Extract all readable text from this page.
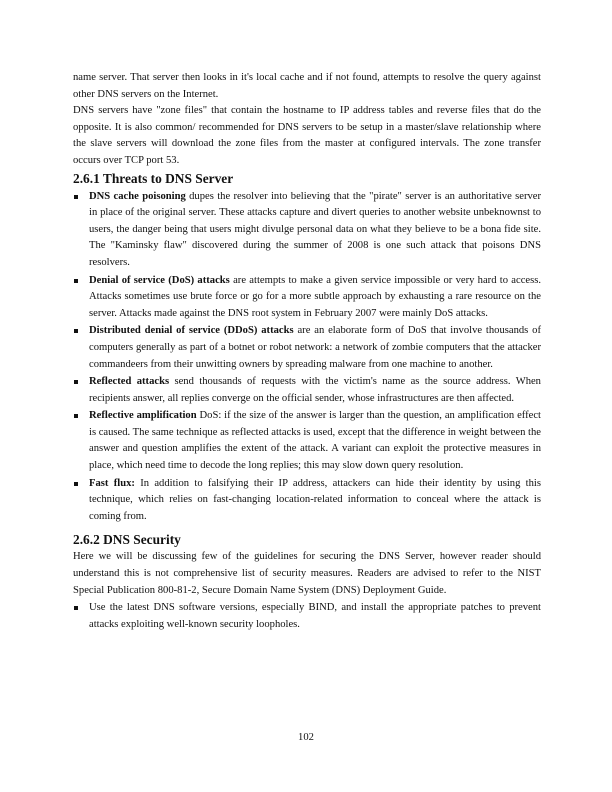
name server. That server then looks in it's local cache and if not found, attempts to resolve the query against other DNS servers on the Internet.

DNS servers have "zone files" that contain the hostname to IP address tables and reverse files that do the opposite. It is also common/ recommended for DNS servers to be setup in a master/slave relationship where the slave servers will download the zone files from the master at configured intervals. The zone transfer occurs over TCP port 53.

2.6.1 Threats to DNS Server
DNS cache poisoning dupes the resolver into believing that the "pirate" server is an authoritative server in place of the original server. These attacks capture and divert queries to another website unbeknownst to users, the danger being that users might divulge personal data on what they believe to be a bona fide site. The "Kaminsky flaw" discovered during the summer of 2008 is one such attack that poisons DNS resolvers.
Denial of service (DoS) attacks are attempts to make a given service impossible or very hard to access. Attacks sometimes use brute force or go for a more subtle approach by exhausting a rare resource on the server. Attacks made against the DNS root system in February 2007 were mainly DoS attacks.
Distributed denial of service (DDoS) attacks are an elaborate form of DoS that involve thousands of computers generally as part of a botnet or robot network: a network of zombie computers that the attacker commandeers from their unwitting owners by spreading malware from one machine to another.
Reflected attacks send thousands of requests with the victim's name as the source address. When recipients answer, all replies converge on the official sender, whose infrastructures are then affected.
Reflective amplification DoS: if the size of the answer is larger than the question, an amplification effect is caused. The same technique as reflected attacks is used, except that the difference in weight between the answer and question amplifies the extent of the attack. A variant can exploit the protective measures in place, which need time to decode the long replies; this may slow down query resolution.
Fast flux: In addition to falsifying their IP address, attackers can hide their identity by using this technique, which relies on fast-changing location-related information to conceal where the attack is coming from.
2.6.2 DNS Security

Here we will be discussing few of the guidelines for securing the DNS Server, however reader should understand this is not comprehensive list of security measures. Readers are advised to refer to the NIST Special Publication 800-81-2, Secure Domain Name System (DNS) Deployment Guide.

Use the latest DNS software versions, especially BIND, and install the appropriate patches to prevent attacks exploiting well-known security loopholes.
102
